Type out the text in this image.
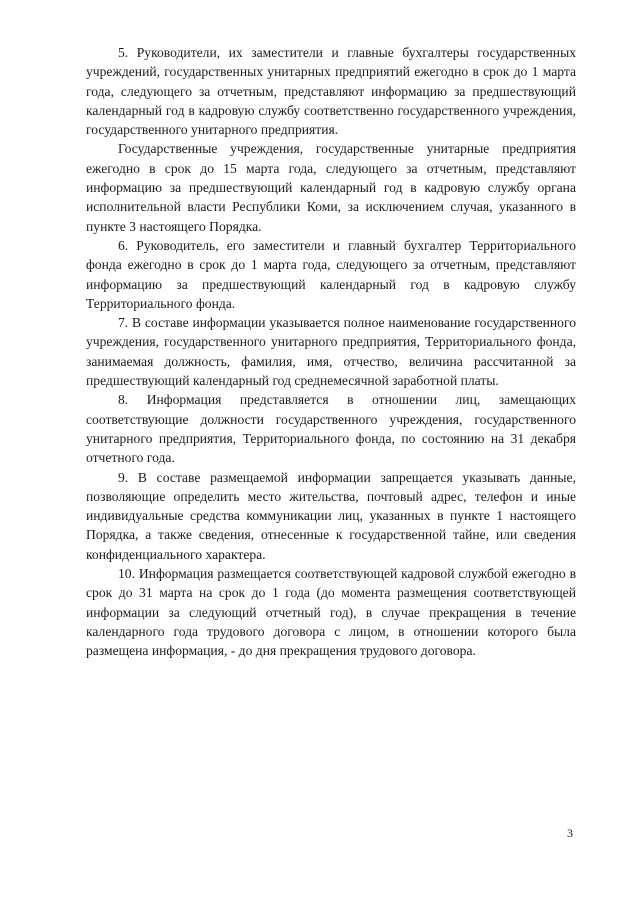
5. Руководители, их заместители и главные бухгалтеры государственных учреждений, государственных унитарных предприятий ежегодно в срок до 1 марта года, следующего за отчетным, представляют информацию за предшествующий календарный год в кадровую службу соответственно государственного учреждения, государственного унитарного предприятия.

Государственные учреждения, государственные унитарные предприятия ежегодно в срок до 15 марта года, следующего за отчетным, представляют информацию за предшествующий календарный год в кадровую службу органа исполнительной власти Республики Коми, за исключением случая, указанного в пункте 3 настоящего Порядка.

6. Руководитель, его заместители и главный бухгалтер Территориального фонда ежегодно в срок до 1 марта года, следующего за отчетным, представляют информацию за предшествующий календарный год в кадровую службу Территориального фонда.

7. В составе информации указывается полное наименование государственного учреждения, государственного унитарного предприятия, Территориального фонда, занимаемая должность, фамилия, имя, отчество, величина рассчитанной за предшествующий календарный год среднемесячной заработной платы.

8. Информация представляется в отношении лиц, замещающих соответствующие должности государственного учреждения, государственного унитарного предприятия, Территориального фонда, по состоянию на 31 декабря отчетного года.

9. В составе размещаемой информации запрещается указывать данные, позволяющие определить место жительства, почтовый адрес, телефон и иные индивидуальные средства коммуникации лиц, указанных в пункте 1 настоящего Порядка, а также сведения, отнесенные к государственной тайне, или сведения конфиденциального характера.

10. Информация размещается соответствующей кадровой службой ежегодно в срок до 31 марта на срок до 1 года (до момента размещения соответствующей информации за следующий отчетный год), в случае прекращения в течение календарного года трудового договора с лицом, в отношении которого была размещена информация, - до дня прекращения трудового договора.

3
